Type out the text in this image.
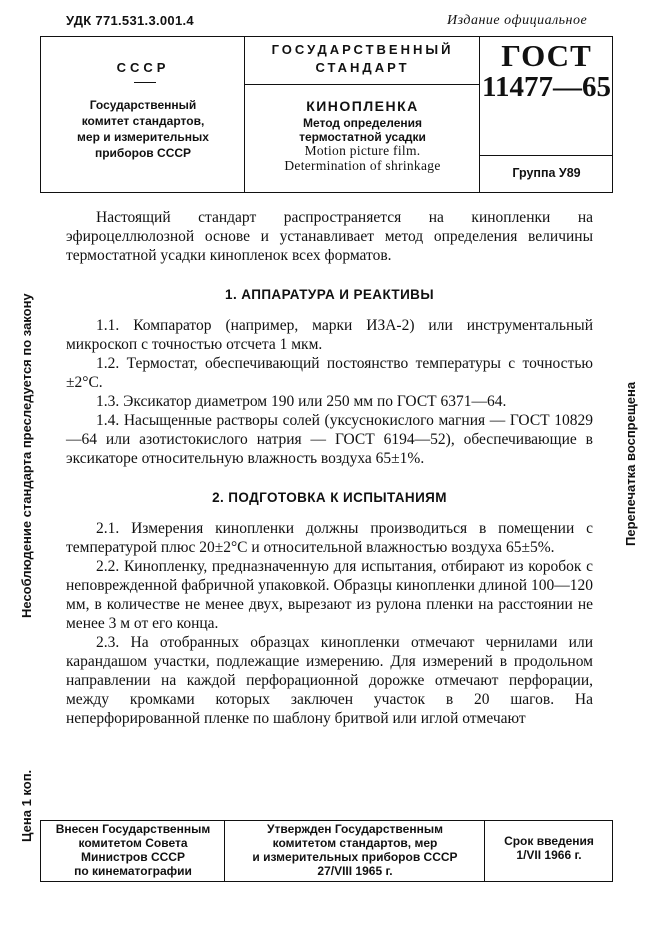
УДК 771.531.3.001.4	Издание официальное
СССР
Государственный
комитет стандартов,
мер и измерительных
приборов СССР
ГОСУДАРСТВЕННЫЙ
СТАНДАРТ
КИНОПЛЕНКА
Метод определения
термостатной усадки
Motion picture film.
Determination of shrinkage
ГОСТ
11477—65
Группа У89

Настоящий стандарт распространяется на кинопленки на эфироцеллюлозной основе и устанавливает метод определения величины термостатной усадки кинопленок всех форматов.

1. АППАРАТУРА И РЕАКТИВЫ

1.1. Компаратор (например, марки ИЗА-2) или инструментальный микроскоп с точностью отсчета 1 мкм.

1.2. Термостат, обеспечивающий постоянство температуры с точностью ±2°С.

1.3. Эксикатор диаметром 190 или 250 мм по ГОСТ 6371—64.

1.4. Насыщенные растворы солей (уксуснокислого магния — ГОСТ 10829—64 или азотистокислого натрия — ГОСТ 6194—52), обеспечивающие в эксикаторе относительную влажность воздуха 65±1%.

2. ПОДГОТОВКА К ИСПЫТАНИЯМ

2.1. Измерения кинопленки должны производиться в помещении с температурой плюс 20±2°С и относительной влажностью воздуха 65±5%.

2.2. Кинопленку, предназначенную для испытания, отбирают из коробок с неповрежденной фабричной упаковкой. Образцы кинопленки длиной 100—120 мм, в количестве не менее двух, вырезают из рулона пленки на расстоянии не менее 3 м от его конца.

2.3. На отобранных образцах кинопленки отмечают чернилами или карандашом участки, подлежащие измерению. Для измерений в продольном направлении на каждой перфорационной дорожке отмечают перфорации, между кромками которых заключен участок в 20 шагов. На неперфорированной пленке по шаблону бритвой или иглой отмечают

Внесен Государственным
комитетом Совета
Министров СССР
по кинематографии
Утвержден Государственным
комитетом стандартов, мер
и измерительных приборов СССР
27/VIII 1965 г.
Срок введения
1/VII 1966 г.
Несоблюдение стандарта преследуется по закону
Цена 1 коп.
Перепечатка воспрещена
